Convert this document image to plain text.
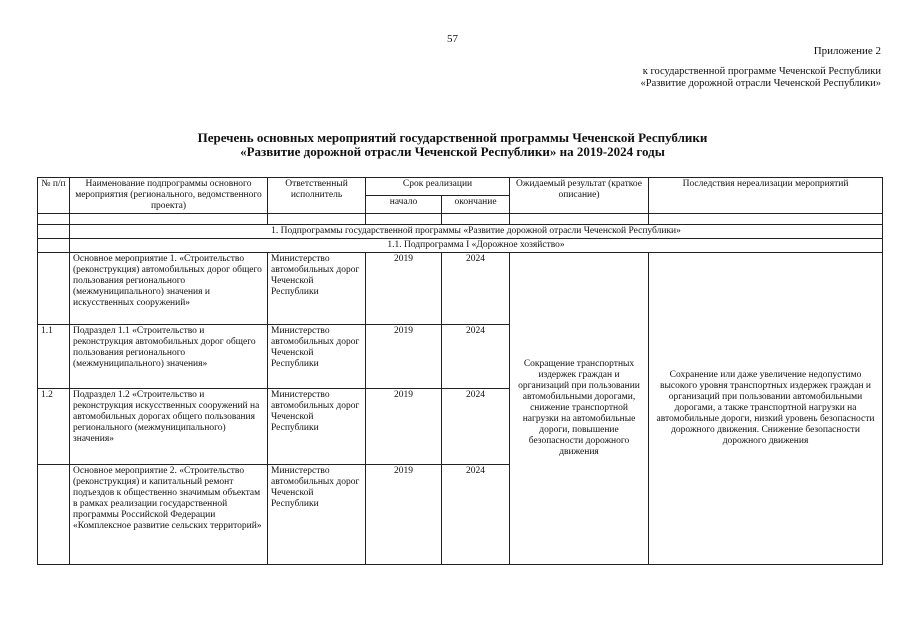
57
Приложение 2
к государственной программе Чеченской Республики
«Развитие дорожной отрасли Чеченской Республики»
Перечень основных мероприятий государственной программы Чеченской Республики
«Развитие дорожной отрасли Чеченской Республики» на 2019-2024 годы
№ п/п	Наименование подпрограммы основного мероприятия (регионального, ведомственного проекта)	Ответственный исполнитель	Срок реализации		Ожидаемый результат (краткое описание)	Последствия нереализации мероприятий
			начало	окончание		

	1. Подпрограммы государственной программы «Развитие дорожной отрасли Чеченской Республики»					
	1.1. Подпрограмма I «Дорожное хозяйство»					
	Основное мероприятие 1. «Строительство (реконструкция) автомобильных дорог общего пользования регионального (межмуниципального) значения и искусственных сооружений»	Министерство автомобильных дорог Чеченской Республики	2019	2024	Сокращение транспортных издержек граждан и организаций при пользовании автомобильными дорогами, снижение транспортной нагрузки на автомобильные дороги, повышение безопасности дорожного движения	Сохранение или даже увеличение недопустимо высокого уровня транспортных издержек граждан и организаций при пользовании автомобильными дорогами, а также транспортной нагрузки на автомобильные дороги, низкий уровень безопасности дорожного движения. Снижение безопасности дорожного движения
1.1	Подраздел 1.1 «Строительство и реконструкция автомобильных дорог общего пользования регионального (межмуниципального) значения»	Министерство автомобильных дорог Чеченской Республики	2019	2024		
1.2	Подраздел 1.2 «Строительство и реконструкция искусственных сооружений на автомобильных дорогах общего пользования регионального (межмуниципального) значения»	Министерство автомобильных дорог Чеченской Республики	2019	2024		
	Основное мероприятие 2. «Строительство (реконструкция) и капитальный ремонт подъездов к общественно значимым объектам в рамках реализации государственной программы Российской Федерации «Комплексное развитие сельских территорий»	Министерство автомобильных дорог Чеченской Республики	2019	2024		
